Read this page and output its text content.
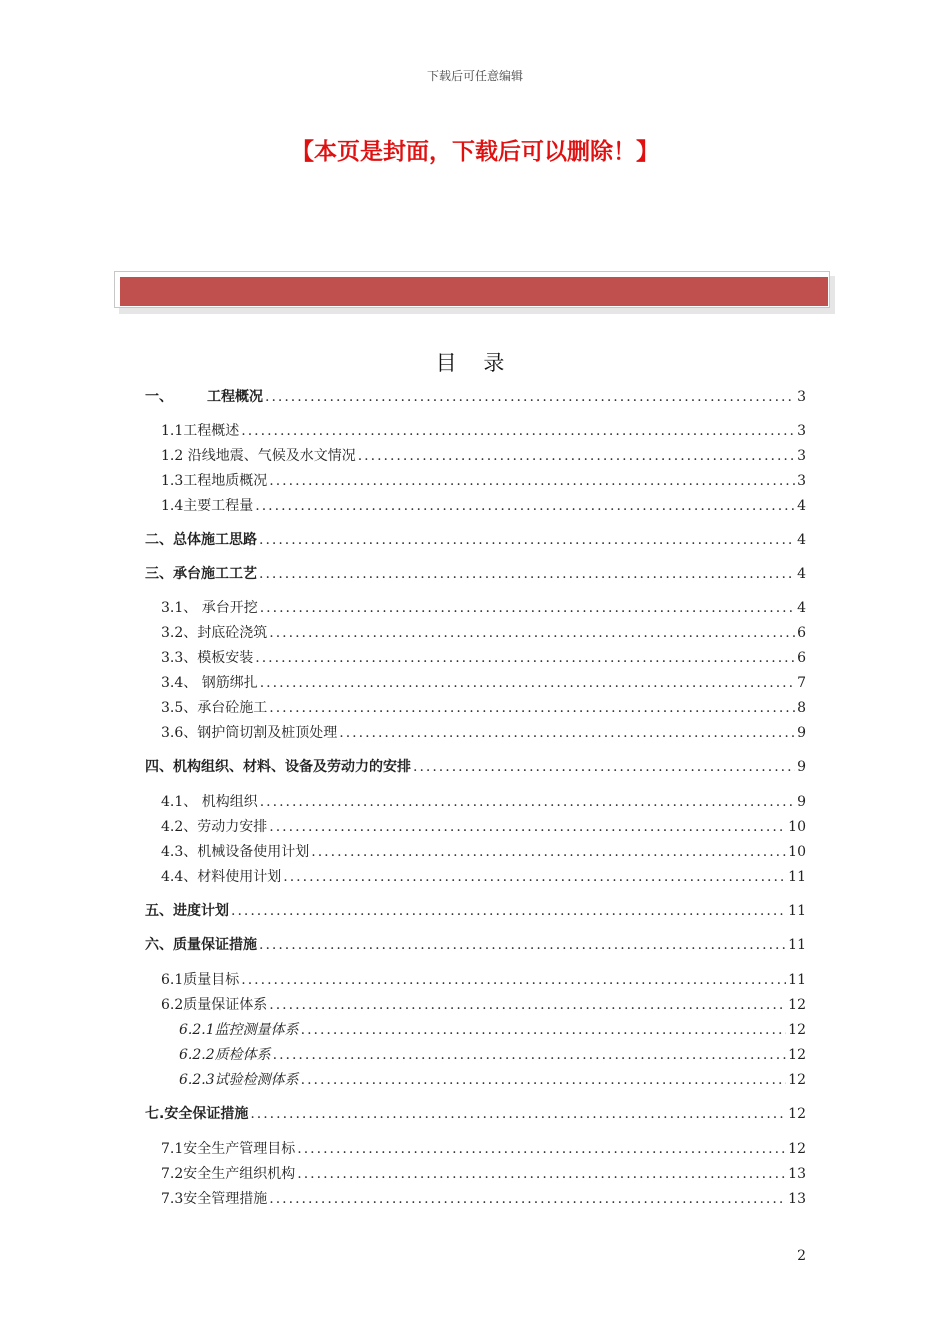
下载后可任意编辑
【本页是封面，下载后可以删除！】
目 录
一、 工程概况 .....	3
1.1工程概述 .....	3
1.2 沿线地震、气候及水文情况 .....	3
1.3工程地质概况 .....	3
1.4主要工程量 .....	4
二、总体施工思路 .....	4
三、承台施工工艺 .....	4
3.1、 承台开挖 .....	4
3.2、封底砼浇筑 .....	6
3.3、模板安装 .....	6
3.4、 钢筋绑扎 .....	7
3.5、承台砼施工 .....	8
3.6、钢护筒切割及桩顶处理 .....	9
四、机构组织、材料、设备及劳动力的安排 .....	9
4.1、 机构组织 .....	9
4.2、劳动力安排 .....	10
4.3、机械设备使用计划 .....	10
4.4、材料使用计划 .....	11
五、进度计划 .....	11
六、质量保证措施 .....	11
6.1质量目标 .....	11
6.2质量保证体系 .....	12
6.2.1监控测量体系 .....	12
6.2.2质检体系 .....	12
6.2.3试验检测体系 .....	12
七.安全保证措施 .....	12
7.1安全生产管理目标 .....	12
7.2安全生产组织机构 .....	13
7.3安全管理措施 .....	13
2
